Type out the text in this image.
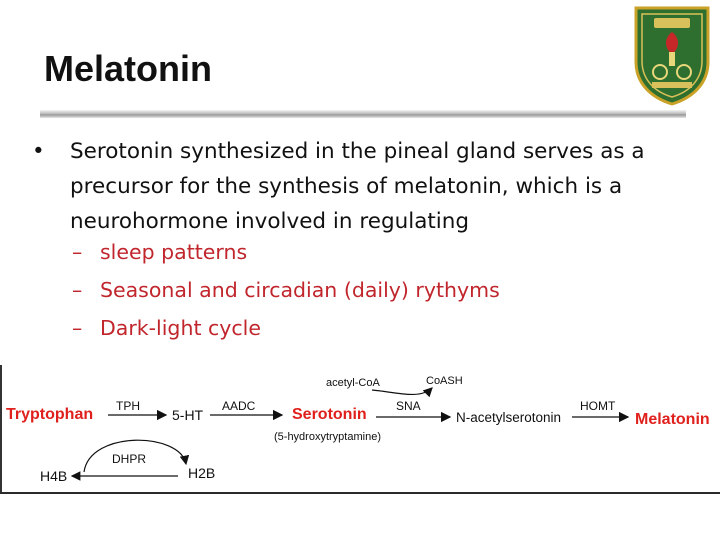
Melatonin
•	Serotonin synthesized in the pineal gland serves as a
precursor for the synthesis of melatonin, which is a
neurohormone involved in regulating
– sleep patterns
– Seasonal and circadian (daily) rythyms
– Dark-light cycle
Tryptophan TPH
5-HT
AADC Serotonin
(5-hydroxytryptamine)
acetyl-CoA	CoASH
SNA
N-acetylserotonin
HOMT
Melatonin
DHPR
H4B	H2B
